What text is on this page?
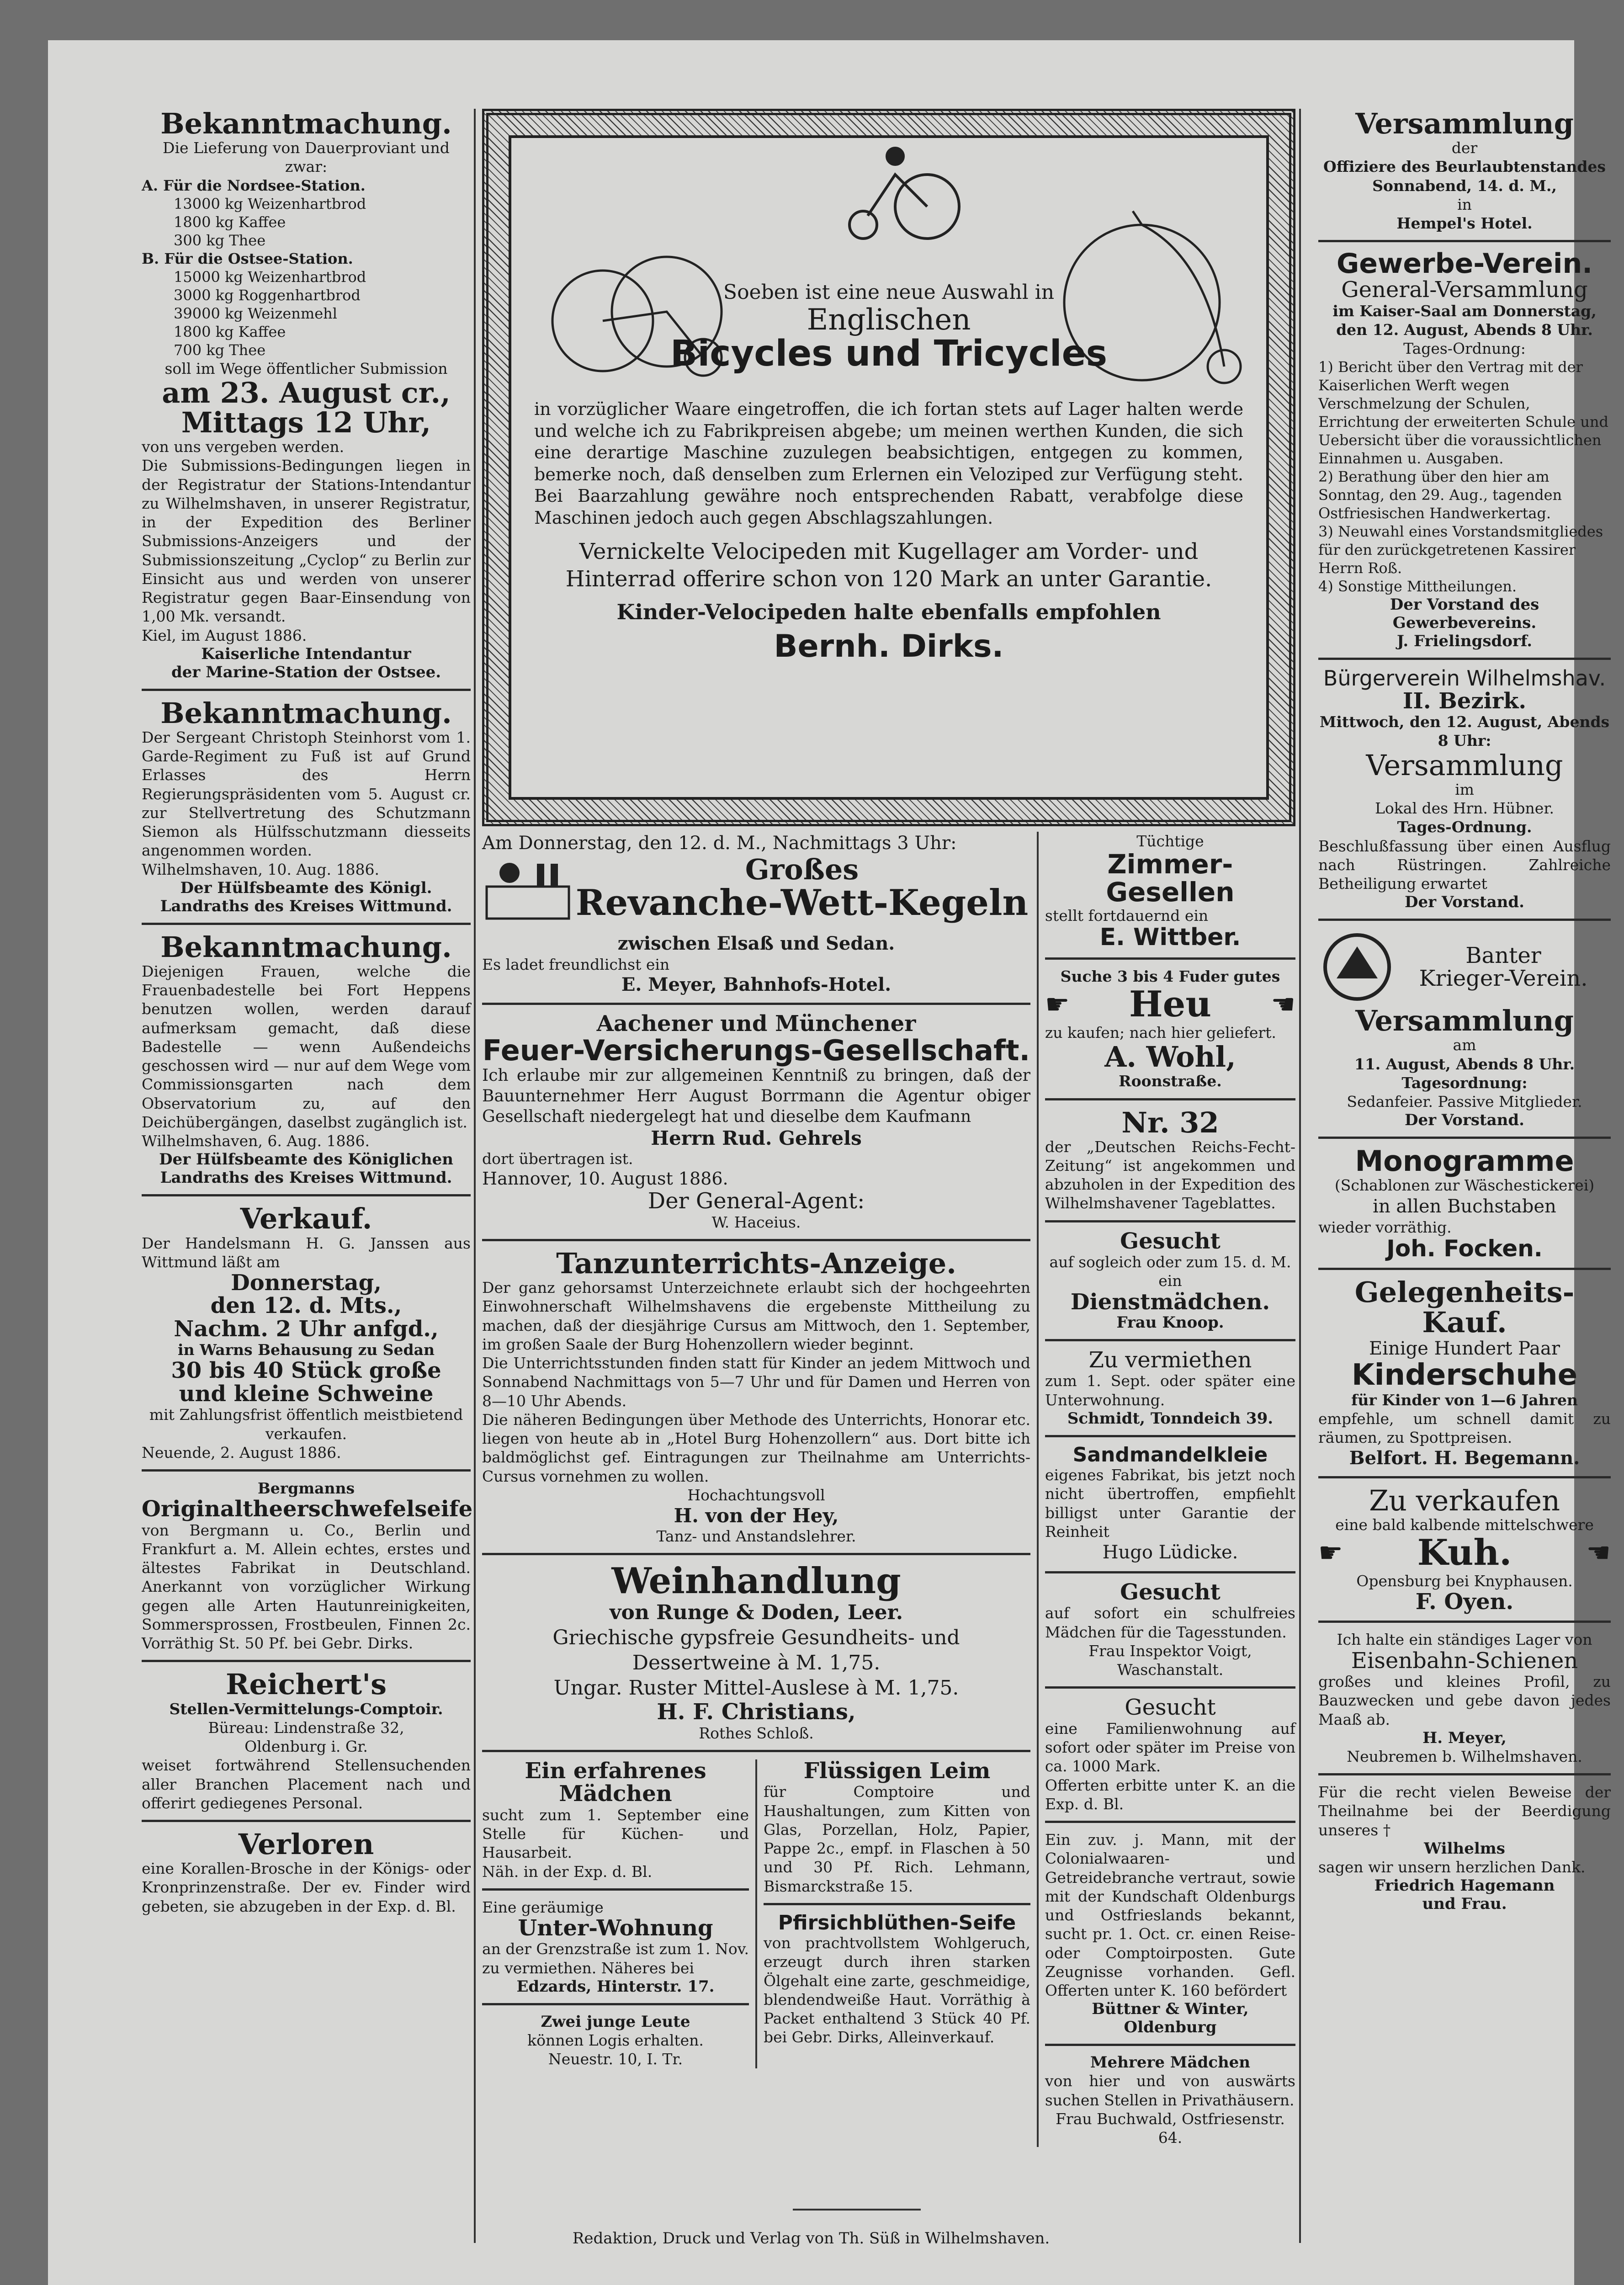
Bekanntmachung.

Die Lieferung von Dauerproviant und zwar:

A. Für die Nordsee-Station.

13000 kg Weizenhartbrod

1800 kg Kaffee

300 kg Thee

B. Für die Ostsee-Station.

15000 kg Weizenhartbrod

3000 kg Roggenhartbrod

39000 kg Weizenmehl

1800 kg Kaffee

700 kg Thee

soll im Wege öffentlicher Submission

am 23. August cr.,
Mittags 12 Uhr,

von uns vergeben werden.

Die Submissions-Bedingungen liegen in der Registratur der Stations-Intendantur zu Wilhelmshaven, in unserer Registratur, in der Expedition des Berliner Submissions-Anzeigers und der Submissionszeitung „Cyclop“ zu Berlin zur Einsicht aus und werden von unserer Registratur gegen Baar-Einsendung von 1,00 Mk. versandt.

Kiel, im August 1886.

Kaiserliche Intendantur

der Marine-Station der Ostsee.

Bekanntmachung.

Der Sergeant Christoph Steinhorst vom 1. Garde-Regiment zu Fuß ist auf Grund Erlasses des Herrn Regierungspräsidenten vom 5. August cr. zur Stellvertretung des Schutzmann Siemon als Hülfsschutzmann diesseits angenommen worden.

Wilhelmshaven, 10. Aug. 1886.

Der Hülfsbeamte des Königl.

Landraths des Kreises Wittmund.

Bekanntmachung.

Diejenigen Frauen, welche die Frauenbadestelle bei Fort Heppens benutzen wollen, werden darauf aufmerksam gemacht, daß diese Badestelle — wenn Außendeichs geschossen wird — nur auf dem Wege vom Commissionsgarten nach dem Observatorium zu, auf den Deichübergängen, daselbst zugänglich ist.

Wilhelmshaven, 6. Aug. 1886.

Der Hülfsbeamte des Königlichen

Landraths des Kreises Wittmund.

Verkauf.

Der Handelsmann H. G. Janssen aus Wittmund läßt am

Donnerstag,
den 12. d. Mts.,
Nachm. 2 Uhr anfgd.,

in Warns Behausung zu Sedan

30 bis 40 Stück große
und kleine Schweine

mit Zahlungsfrist öffentlich meistbietend verkaufen.

Neuende, 2. August 1886.

Bergmanns

Originaltheerschwefelseife

von Bergmann u. Co., Berlin und Frankfurt a. M. Allein echtes, erstes und ältestes Fabrikat in Deutschland. Anerkannt von vorzüglicher Wirkung gegen alle Arten Hautunreinigkeiten, Sommersprossen, Frostbeulen, Finnen 2c. Vorräthig St. 50 Pf. bei Gebr. Dirks.

Reichert's

Stellen-Vermittelungs-Comptoir.

Büreau: Lindenstraße 32,

Oldenburg i. Gr.

weiset fortwährend Stellensuchenden aller Branchen Placement nach und offerirt gediegenes Personal.

Verloren

eine Korallen-Brosche in der Königs- oder Kronprinzenstraße. Der ev. Finder wird gebeten, sie abzugeben in der Exp. d. Bl.

Soeben ist eine neue Auswahl in

Englischen
Bicycles und Tricycles

in vorzüglicher Waare eingetroffen, die ich fortan stets auf Lager halten werde und welche ich zu Fabrikpreisen abgebe; um meinen werthen Kunden, die sich eine derartige Maschine zuzulegen beabsichtigen, entgegen zu kommen, bemerke noch, daß denselben zum Erlernen ein Veloziped zur Verfügung steht. Bei Baarzahlung gewähre noch entsprechenden Rabatt, verabfolge diese Maschinen jedoch auch gegen Abschlagszahlungen.

Vernickelte Velocipeden mit Kugellager am Vorder- und Hinterrad offerire schon von 120 Mark an unter Garantie.

Kinder-Velocipeden halte ebenfalls empfohlen

Bernh. Dirks.

Am Donnerstag, den 12. d. M., Nachmittags 3 Uhr:

Großes
Revanche-Wett-Kegeln

zwischen Elsaß und Sedan.

Es ladet freundlichst ein

E. Meyer, Bahnhofs-Hotel.

Aachener und Münchener
Feuer-Versicherungs-Gesellschaft.

Ich erlaube mir zur allgemeinen Kenntniß zu bringen, daß der Bauunternehmer Herr August Borrmann die Agentur obiger Gesellschaft niedergelegt hat und dieselbe dem Kaufmann

Herrn Rud. Gehrels

dort übertragen ist.

Hannover, 10. August 1886.

Der General-Agent:

W. Haceius.

Tanzunterrichts-Anzeige.

Der ganz gehorsamst Unterzeichnete erlaubt sich der hochgeehrten Einwohnerschaft Wilhelmshavens die ergebenste Mittheilung zu machen, daß der diesjährige Cursus am Mittwoch, den 1. September, im großen Saale der Burg Hohenzollern wieder beginnt.

Die Unterrichtsstunden finden statt für Kinder an jedem Mittwoch und Sonnabend Nachmittags von 5—7 Uhr und für Damen und Herren von 8—10 Uhr Abends.

Die näheren Bedingungen über Methode des Unterrichts, Honorar etc. liegen von heute ab in „Hotel Burg Hohenzollern“ aus. Dort bitte ich baldmöglichst gef. Eintragungen zur Theilnahme am Unterrichts-Cursus vornehmen zu wollen.

Hochachtungsvoll

H. von der Hey,

Tanz- und Anstandslehrer.

Weinhandlung

von Runge & Doden, Leer.

Griechische gypsfreie Gesundheits- und Dessertweine à M. 1,75.

Ungar. Ruster Mittel-Auslese à M. 1,75.

H. F. Christians,

Rothes Schloß.

Ein erfahrenes Mädchen

sucht zum 1. September eine Stelle für Küchen- und Hausarbeit.

Näh. in der Exp. d. Bl.

Eine geräumige

Unter-Wohnung

an der Grenzstraße ist zum 1. Nov. zu vermiethen. Näheres bei

Edzards, Hinterstr. 17.

Zwei junge Leute

können Logis erhalten.

Neuestr. 10, I. Tr.

Flüssigen Leim

für Comptoire und Haushaltungen, zum Kitten von Glas, Porzellan, Holz, Papier, Pappe 2c., empf. in Flaschen à 50 und 30 Pf. Rich. Lehmann, Bismarckstraße 15.

Pfirsichblüthen-Seife

von prachtvollstem Wohlgeruch, erzeugt durch ihren starken Ölgehalt eine zarte, geschmeidige, blendendweiße Haut. Vorräthig à Packet enthaltend 3 Stück 40 Pf. bei Gebr. Dirks, Alleinverkauf.

Tüchtige

Zimmer-Gesellen

stellt fortdauernd ein

E. Wittber.

Suche 3 bis 4 Fuder gutes

☛ Heu ☚

zu kaufen; nach hier geliefert.

A. Wohl,

Roonstraße.

Nr. 32

der „Deutschen Reichs-Fecht-Zeitung“ ist angekommen und abzuholen in der Expedition des Wilhelmshavener Tageblattes.

Gesucht

auf sogleich oder zum 15. d. M. ein

Dienstmädchen.

Frau Knoop.

Zu vermiethen

zum 1. Sept. oder später eine Unterwohnung.

Schmidt, Tonndeich 39.

Sandmandelkleie

eigenes Fabrikat, bis jetzt noch nicht übertroffen, empfiehlt billigst unter Garantie der Reinheit

Hugo Lüdicke.

Gesucht

auf sofort ein schulfreies Mädchen für die Tagesstunden.

Frau Inspektor Voigt, Waschanstalt.

Gesucht

eine Familienwohnung auf sofort oder später im Preise von ca. 1000 Mark.

Offerten erbitte unter K. an die Exp. d. Bl.

Ein zuv. j. Mann, mit der Colonialwaaren- und Getreidebranche vertraut, sowie mit der Kundschaft Oldenburgs und Ostfrieslands bekannt, sucht pr. 1. Oct. cr. einen Reise- oder Comptoirposten. Gute Zeugnisse vorhanden. Gefl. Offerten unter K. 160 befördert

Büttner & Winter, Oldenburg

Mehrere Mädchen

von hier und von auswärts suchen Stellen in Privathäusern.

Frau Buchwald, Ostfriesenstr. 64.

Versammlung

der

Offiziere des Beurlaubtenstandes

Sonnabend, 14. d. M.,

in

Hempel's Hotel.

Gewerbe-Verein.
General-Versammlung

im Kaiser-Saal am Donnerstag, den 12. August, Abends 8 Uhr.

Tages-Ordnung:

1) Bericht über den Vertrag mit der Kaiserlichen Werft wegen Verschmelzung der Schulen, Errichtung der erweiterten Schule und Uebersicht über die voraussichtlichen Einnahmen u. Ausgaben.

2) Berathung über den hier am Sonntag, den 29. Aug., tagenden Ostfriesischen Handwerkertag.

3) Neuwahl eines Vorstandsmitgliedes für den zurückgetretenen Kassirer Herrn Roß.

4) Sonstige Mittheilungen.

Der Vorstand des Gewerbevereins.

J. Frielingsdorf.

Bürgerverein Wilhelmshav.
II. Bezirk.

Mittwoch, den 12. August, Abends 8 Uhr:

Versammlung

im

Lokal des Hrn. Hübner.

Tages-Ordnung.

Beschlußfassung über einen Ausflug nach Rüstringen. Zahlreiche Betheiligung erwartet

Der Vorstand.

Banter
Krieger-Verein.
Versammlung

am

11. August, Abends 8 Uhr.

Tagesordnung:

Sedanfeier. Passive Mitglieder.

Der Vorstand.

Monogramme

(Schablonen zur Wäschestickerei)

in allen Buchstaben

wieder vorräthig.

Joh. Focken.
Gelegenheits-Kauf.

Einige Hundert Paar

Kinderschuhe

für Kinder von 1—6 Jahren

empfehle, um schnell damit zu räumen, zu Spottpreisen.

Belfort. H. Begemann.

Zu verkaufen

eine bald kalbende mittelschwere

☛ Kuh.	☚

Opensburg bei Knyphausen.

F. Oyen.

Ich halte ein ständiges Lager von

Eisenbahn-Schienen

großes und kleines Profil, zu Bauzwecken und gebe davon jedes Maaß ab.

H. Meyer,

Neubremen b. Wilhelmshaven.

Für die recht vielen Beweise der Theilnahme bei der Beerdigung unseres †

Wilhelms

sagen wir unsern herzlichen Dank.

Friedrich Hagemann

und Frau.

Redaktion, Druck und Verlag von Th. Süß in Wilhelmshaven.
